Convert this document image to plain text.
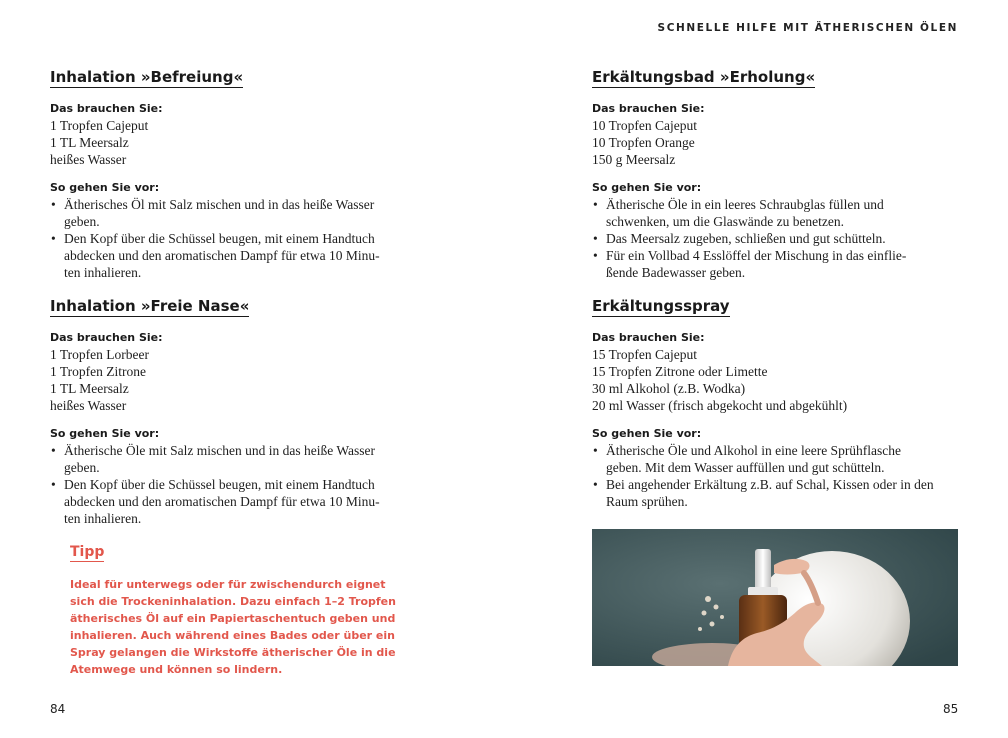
SCHNELLE HILFE MIT ÄTHERISCHEN ÖLEN
Inhalation »Befreiung«
Das brauchen Sie:
1 Tropfen Cajeput
1 TL Meersalz
heißes Wasser
So gehen Sie vor:
• Ätherisches Öl mit Salz mischen und in das heiße Wasser
geben.
• Den Kopf über die Schüssel beugen, mit einem Handtuch
abdecken und den aromatischen Dampf für etwa 10 Minu-
ten inhalieren.
Inhalation »Freie Nase«
Das brauchen Sie:
1 Tropfen Lorbeer
1 Tropfen Zitrone
1 TL Meersalz
heißes Wasser
So gehen Sie vor:
• Ätherische Öle mit Salz mischen und in das heiße Wasser
geben.
• Den Kopf über die Schüssel beugen, mit einem Handtuch
abdecken und den aromatischen Dampf für etwa 10 Minu-
ten inhalieren.
Erkältungsbad »Erholung«
Das brauchen Sie:
10 Tropfen Cajeput
10 Tropfen Orange
150 g Meersalz
So gehen Sie vor:
• Ätherische Öle in ein leeres Schraubglas füllen und
schwenken, um die Glaswände zu benetzen.
• Das Meersalz zugeben, schließen und gut schütteln.
• Für ein Vollbad 4 Esslöffel der Mischung in das einflie-
ßende Badewasser geben.
Erkältungsspray
Das brauchen Sie:
15 Tropfen Cajeput
15 Tropfen Zitrone oder Limette
30 ml Alkohol (z.B. Wodka)
20 ml Wasser (frisch abgekocht und abgekühlt)
So gehen Sie vor:
• Ätherische Öle und Alkohol in eine leere Sprühflasche
geben. Mit dem Wasser auffüllen und gut schütteln.
• Bei angehender Erkältung z.B. auf Schal, Kissen oder in den
Raum sprühen.
Tipp
Ideal für unterwegs oder für zwischendurch eignet
sich die Trockeninhalation. Dazu einfach 1–2 Tropfen
ätherisches Öl auf ein Papiertaschentuch geben und
inhalieren. Auch während eines Bades oder über ein
Spray gelangen die Wirkstoffe ätherischer Öle in die
Atemwege und können so lindern.
84	85
